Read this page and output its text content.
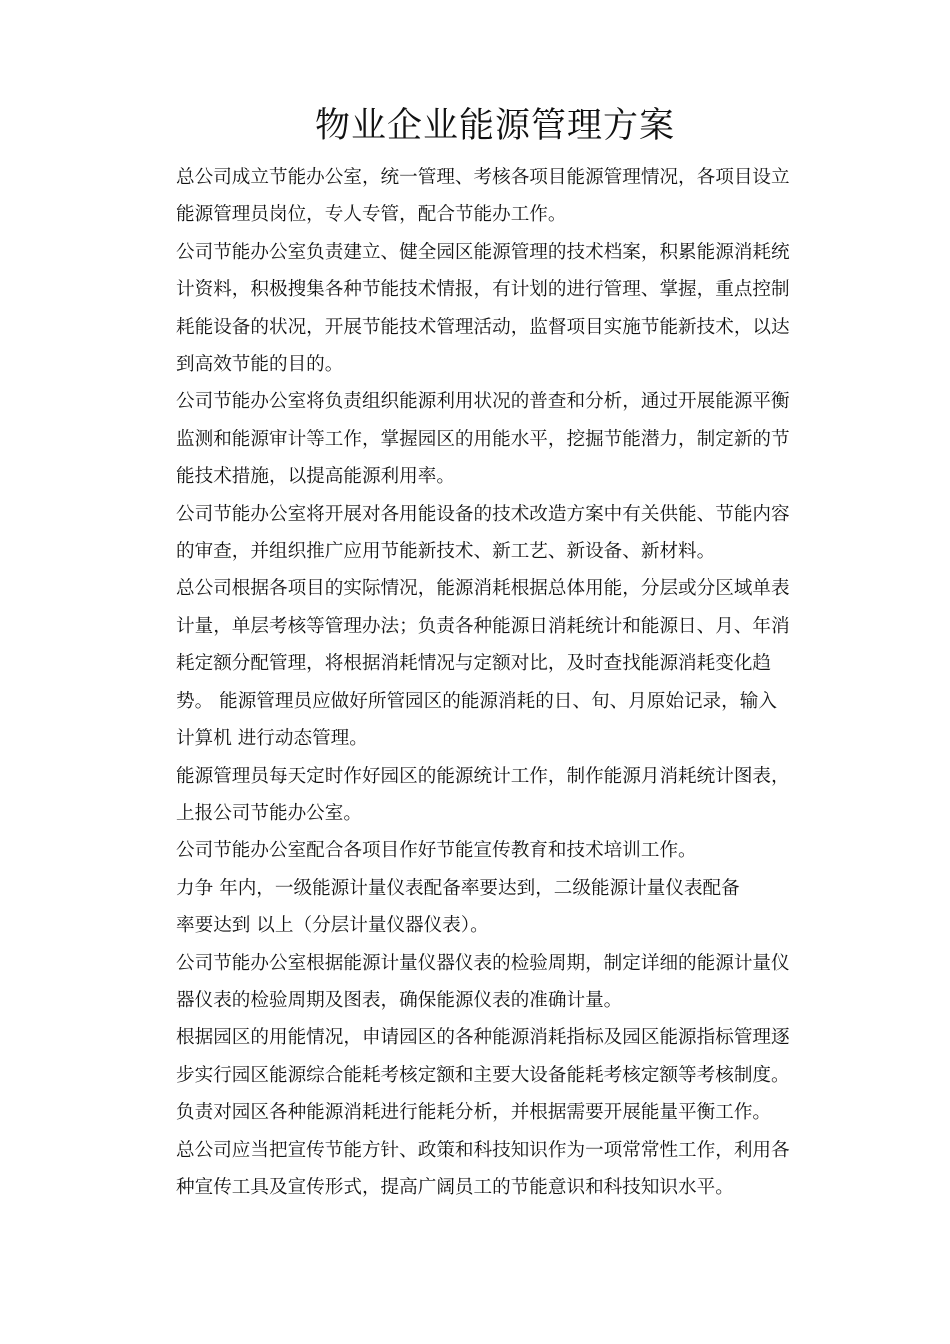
物业企业能源管理方案
总公司成立节能办公室，统一管理、考核各项目能源管理情况，各项目设立
能源管理员岗位，专人专管，配合节能办工作。
公司节能办公室负责建立、健全园区能源管理的技术档案，积累能源消耗统
计资料，积极搜集各种节能技术情报，有计划的进行管理、掌握，重点控制
耗能设备的状况，开展节能技术管理活动，监督项目实施节能新技术，以达
到高效节能的目的。
公司节能办公室将负责组织能源利用状况的普查和分析，通过开展能源平衡
监测和能源审计等工作，掌握园区的用能水平，挖掘节能潜力，制定新的节
能技术措施，以提高能源利用率。
公司节能办公室将开展对各用能设备的技术改造方案中有关供能、节能内容
的审查，并组织推广应用节能新技术、新工艺、新设备、新材料。
总公司根据各项目的实际情况，能源消耗根据总体用能，分层或分区域单表
计量，单层考核等管理办法；负责各种能源日消耗统计和能源日、月、年消
耗定额分配管理，将根据消耗情况与定额对比，及时查找能源消耗变化趋
势。 能源管理员应做好所管园区的能源消耗的日、旬、月原始记录，输入
计算机 进行动态管理。
能源管理员每天定时作好园区的能源统计工作，制作能源月消耗统计图表，
上报公司节能办公室。
公司节能办公室配合各项目作好节能宣传教育和技术培训工作。
力争 年内，一级能源计量仪表配备率要达到，二级能源计量仪表配备
率要达到 以上（分层计量仪器仪表）。
公司节能办公室根据能源计量仪器仪表的检验周期，制定详细的能源计量仪
器仪表的检验周期及图表，确保能源仪表的准确计量。
根据园区的用能情况，申请园区的各种能源消耗指标及园区能源指标管理逐
步实行园区能源综合能耗考核定额和主要大设备能耗考核定额等考核制度。
负责对园区各种能源消耗进行能耗分析，并根据需要开展能量平衡工作。
总公司应当把宣传节能方针、政策和科技知识作为一项常常性工作，利用各
种宣传工具及宣传形式，提高广阔员工的节能意识和科技知识水平。
